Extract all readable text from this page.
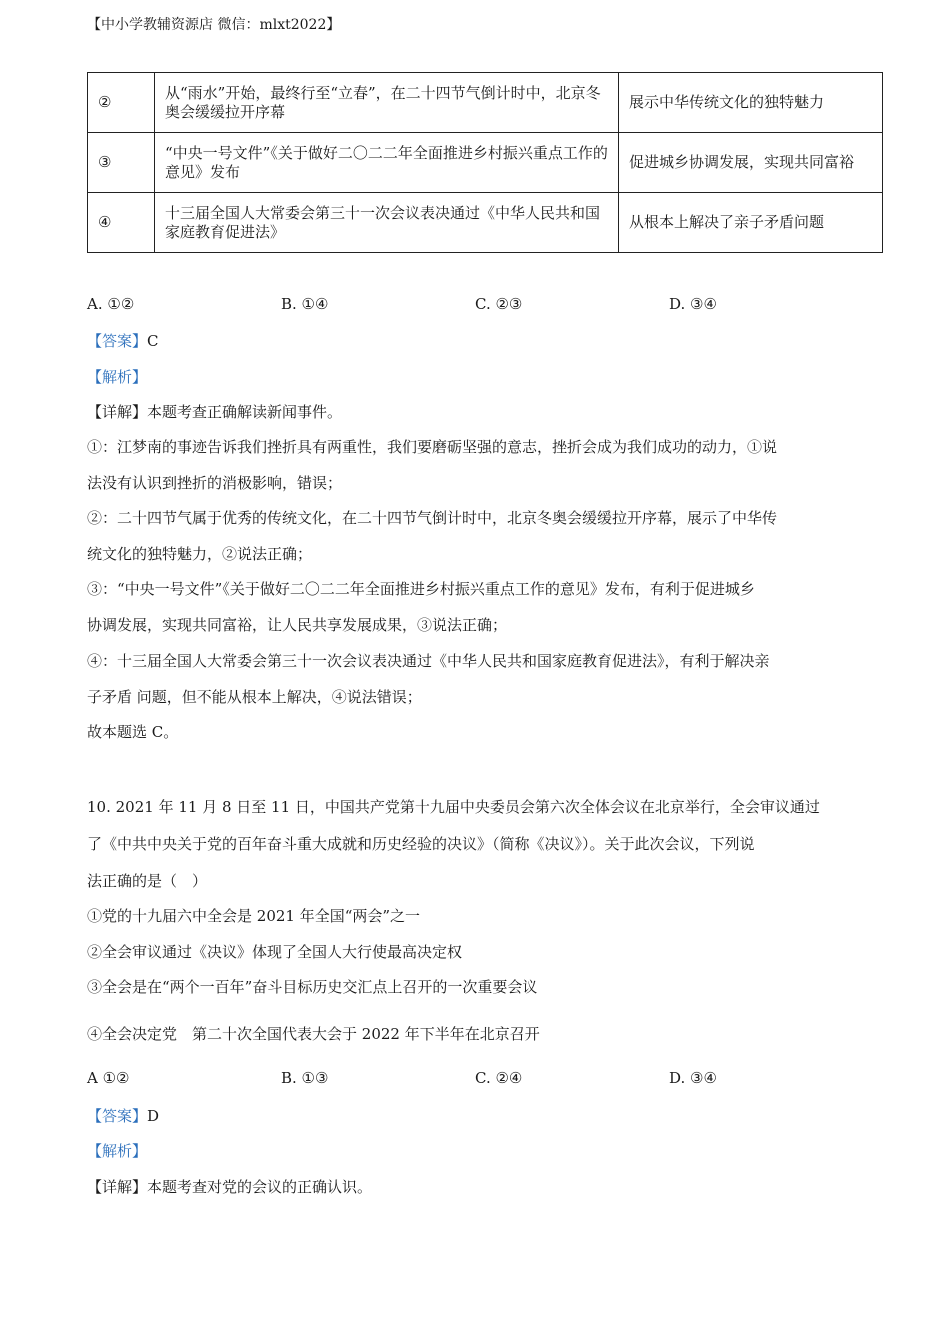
【中小学教辅资源店 微信：mlxt2022】
②	从“雨水”开始，最终行至“立春”，在二十四节气倒计时中，北京冬奥会缓缓拉开序幕	展示中华传统文化的独特魅力
③	“中央一号文件”《关于做好二〇二二年全面推进乡村振兴重点工作的意见》发布	促进城乡协调发展，实现共同富裕
④	十三届全国人大常委会第三十一次会议表决通过《中华人民共和国家庭教育促进法》	从根本上解决了亲子矛盾问题
A. ①②	B. ①④	C. ②③	D. ③④
【答案】C
【解析】
【详解】本题考查正确解读新闻事件。
①：江梦南的事迹告诉我们挫折具有两重性，我们要磨砺坚强的意志，挫折会成为我们成功的动力，①说
法没有认识到挫折的消极影响，错误；
②：二十四节气属于优秀的传统文化，在二十四节气倒计时中，北京冬奥会缓缓拉开序幕，展示了中华传
统文化的独特魅力，②说法正确；
③：“中央一号文件”《关于做好二〇二二年全面推进乡村振兴重点工作的意见》发布，有利于促进城乡
协调发展，实现共同富裕，让人民共享发展成果，③说法正确；
④：十三届全国人大常委会第三十一次会议表决通过《中华人民共和国家庭教育促进法》，有利于解决亲
子矛盾 问题，但不能从根本上解决，④说法错误；
故本题选 C。
10. 2021 年 11 月 8 日至 11 日，中国共产党第十九届中央委员会第六次全体会议在北京举行，全会审议通过
了《中共中央关于党的百年奋斗重大成就和历史经验的决议》（简称《决议》）。关于此次会议，下列说
法正确的是（　）
①党的十九届六中全会是 2021 年全国“两会”之一
②全会审议通过《决议》体现了全国人大行使最高决定权
③全会是在“两个一百年”奋斗目标历史交汇点上召开的一次重要会议
④全会决定党　第二十次全国代表大会于 2022 年下半年在北京召开
A ①②	B. ①③	C. ②④	D. ③④
【答案】D
【解析】
【详解】本题考查对党的会议的正确认识。
